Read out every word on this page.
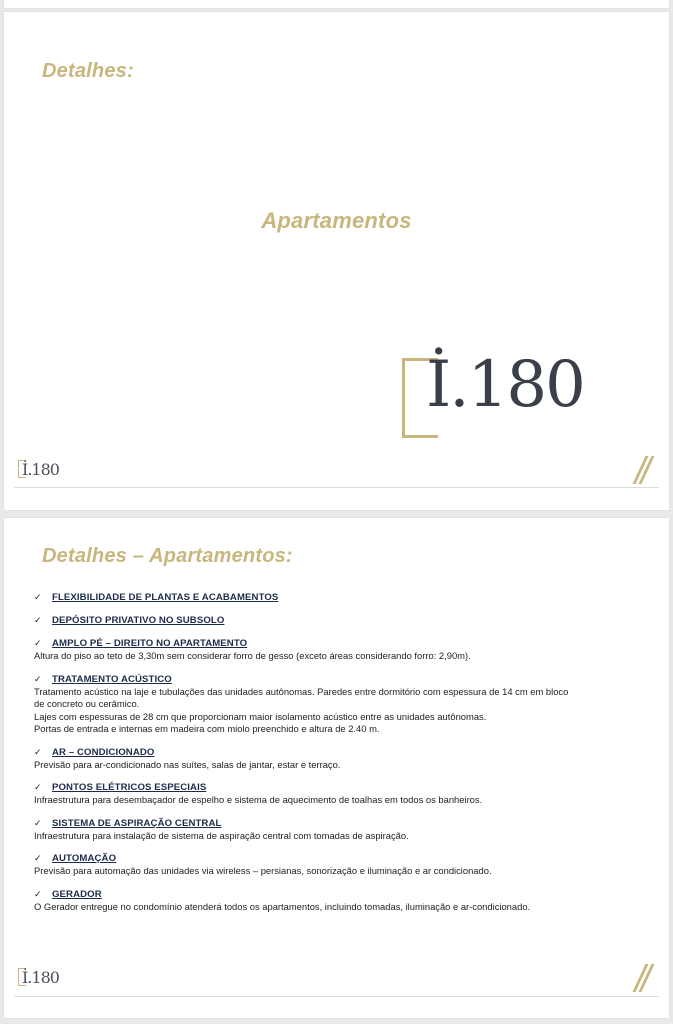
Detalhes:
Apartamentos
İ.180
İ.180
Detalhes – Apartamentos:
✓ FLEXIBILIDADE DE PLANTAS E ACABAMENTOS
✓ DEPÓSITO PRIVATIVO NO SUBSOLO
✓ AMPLO PÉ – DIREITO NO APARTAMENTO
Altura do piso ao teto de 3,30m sem considerar forro de gesso (exceto áreas considerando forro: 2,90m).
✓ TRATAMENTO ACÚSTICO
Tratamento acústico na laje e tubulações das unidades autônomas. Paredes entre dormitório com espessura de 14 cm em bloco
de concreto ou cerâmico.
Lajes com espessuras de 28 cm que proporcionam maior isolamento acústico entre as unidades autônomas.
Portas de entrada e internas em madeira com miolo preenchido e altura de 2.40 m.
✓ AR – CONDICIONADO
Previsão para ar-condicionado nas suítes, salas de jantar, estar e terraço.
✓ PONTOS ELÉTRICOS ESPECIAIS
Infraestrutura para desembaçador de espelho e sistema de aquecimento de toalhas em todos os banheiros.
✓ SISTEMA DE ASPIRAÇÃO CENTRAL
Infraestrutura para instalação de sistema de aspiração central com tomadas de aspiração.
✓ AUTOMAÇÃO
Previsão para automação das unidades via wireless – persianas, sonorização e iluminação e ar condicionado.
✓ GERADOR
O Gerador entregue no condomínio atenderá todos os apartamentos, incluindo tomadas, iluminação e ar-condicionado.
İ.180
